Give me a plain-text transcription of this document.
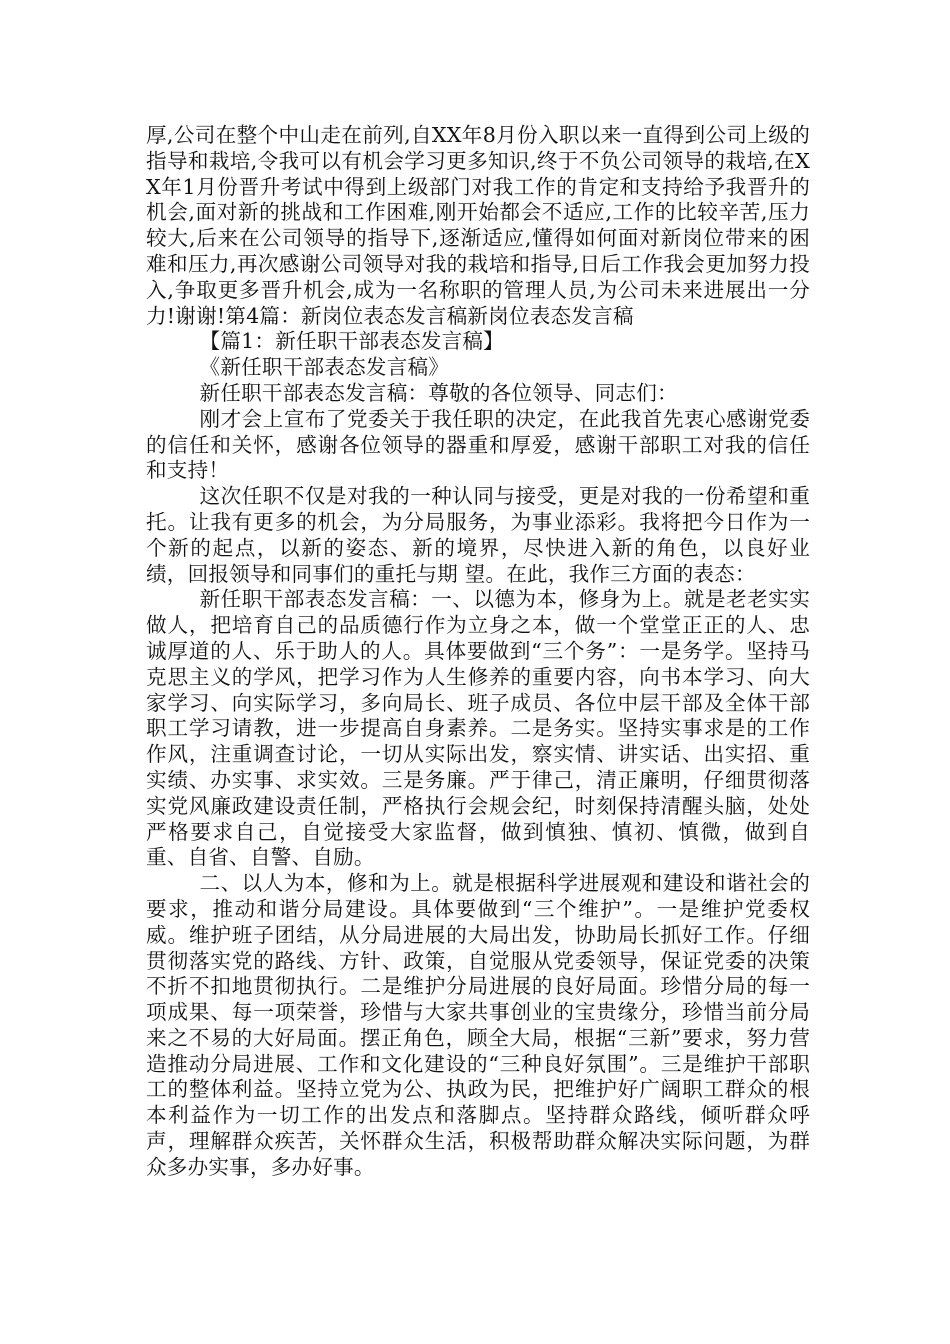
厚,公司在整个中山走在前列,自XX年8月份入职以来一直得到公司上级的指导和栽培,令我可以有机会学习更多知识,终于不负公司领导的栽培,在XX年1月份晋升考试中得到上级部门对我工作的肯定和支持给予我晋升的机会,面对新的挑战和工作困难,刚开始都会不适应,工作的比较辛苦,压力较大,后来在公司领导的指导下,逐渐适应,懂得如何面对新岗位带来的困难和压力,再次感谢公司领导对我的栽培和指导,日后工作我会更加努力投入,争取更多晋升机会,成为一名称职的管理人员,为公司未来进展出一分力!谢谢!第4篇：新岗位表态发言稿新岗位表态发言稿

【篇1：新任职干部表态发言稿】

《新任职干部表态发言稿》

新任职干部表态发言稿：尊敬的各位领导、同志们：

刚才会上宣布了党委关于我任职的决定，在此我首先衷心感谢党委的信任和关怀，感谢各位领导的器重和厚爱，感谢干部职工对我的信任和支持！

这次任职不仅是对我的一种认同与接受，更是对我的一份希望和重托。让我有更多的机会，为分局服务，为事业添彩。我将把今日作为一个新的起点，以新的姿态、新的境界，尽快进入新的角色，以良好业绩，回报领导和同事们的重托与期 望。在此，我作三方面的表态：

新任职干部表态发言稿：一、以德为本，修身为上。就是老老实实做人，把培育自己的品质德行作为立身之本，做一个堂堂正正的人、忠诚厚道的人、乐于助人的人。具体要做到“三个务”：一是务学。坚持马克思主义的学风，把学习作为人生修养的重要内容，向书本学习、向大家学习、向实际学习，多向局长、班子成员、各位中层干部及全体干部职工学习请教，进一步提高自身素养。二是务实。坚持实事求是的工作作风，注重调查讨论，一切从实际出发，察实情、讲实话、出实招、重实绩、办实事、求实效。三是务廉。严于律己，清正廉明，仔细贯彻落实党风廉政建设责任制，严格执行会规会纪，时刻保持清醒头脑，处处严格要求自己，自觉接受大家监督，做到慎独、慎初、慎微，做到自重、自省、自警、自励。

二、以人为本，修和为上。就是根据科学进展观和建设和谐社会的要求，推动和谐分局建设。具体要做到“三个维护”。一是维护党委权威。维护班子团结，从分局进展的大局出发，协助局长抓好工作。仔细贯彻落实党的路线、方针、政策，自觉服从党委领导，保证党委的决策不折不扣地贯彻执行。二是维护分局进展的良好局面。珍惜分局的每一项成果、每一项荣誉，珍惜与大家共事创业的宝贵缘分，珍惜当前分局来之不易的大好局面。摆正角色，顾全大局，根据“三新”要求，努力营造推动分局进展、工作和文化建设的“三种良好氛围”。三是维护干部职工的整体利益。坚持立党为公、执政为民，把维护好广阔职工群众的根本利益作为一切工作的出发点和落脚点。坚持群众路线，倾听群众呼声，理解群众疾苦，关怀群众生活，积极帮助群众解决实际问题，为群众多办实事，多办好事。
